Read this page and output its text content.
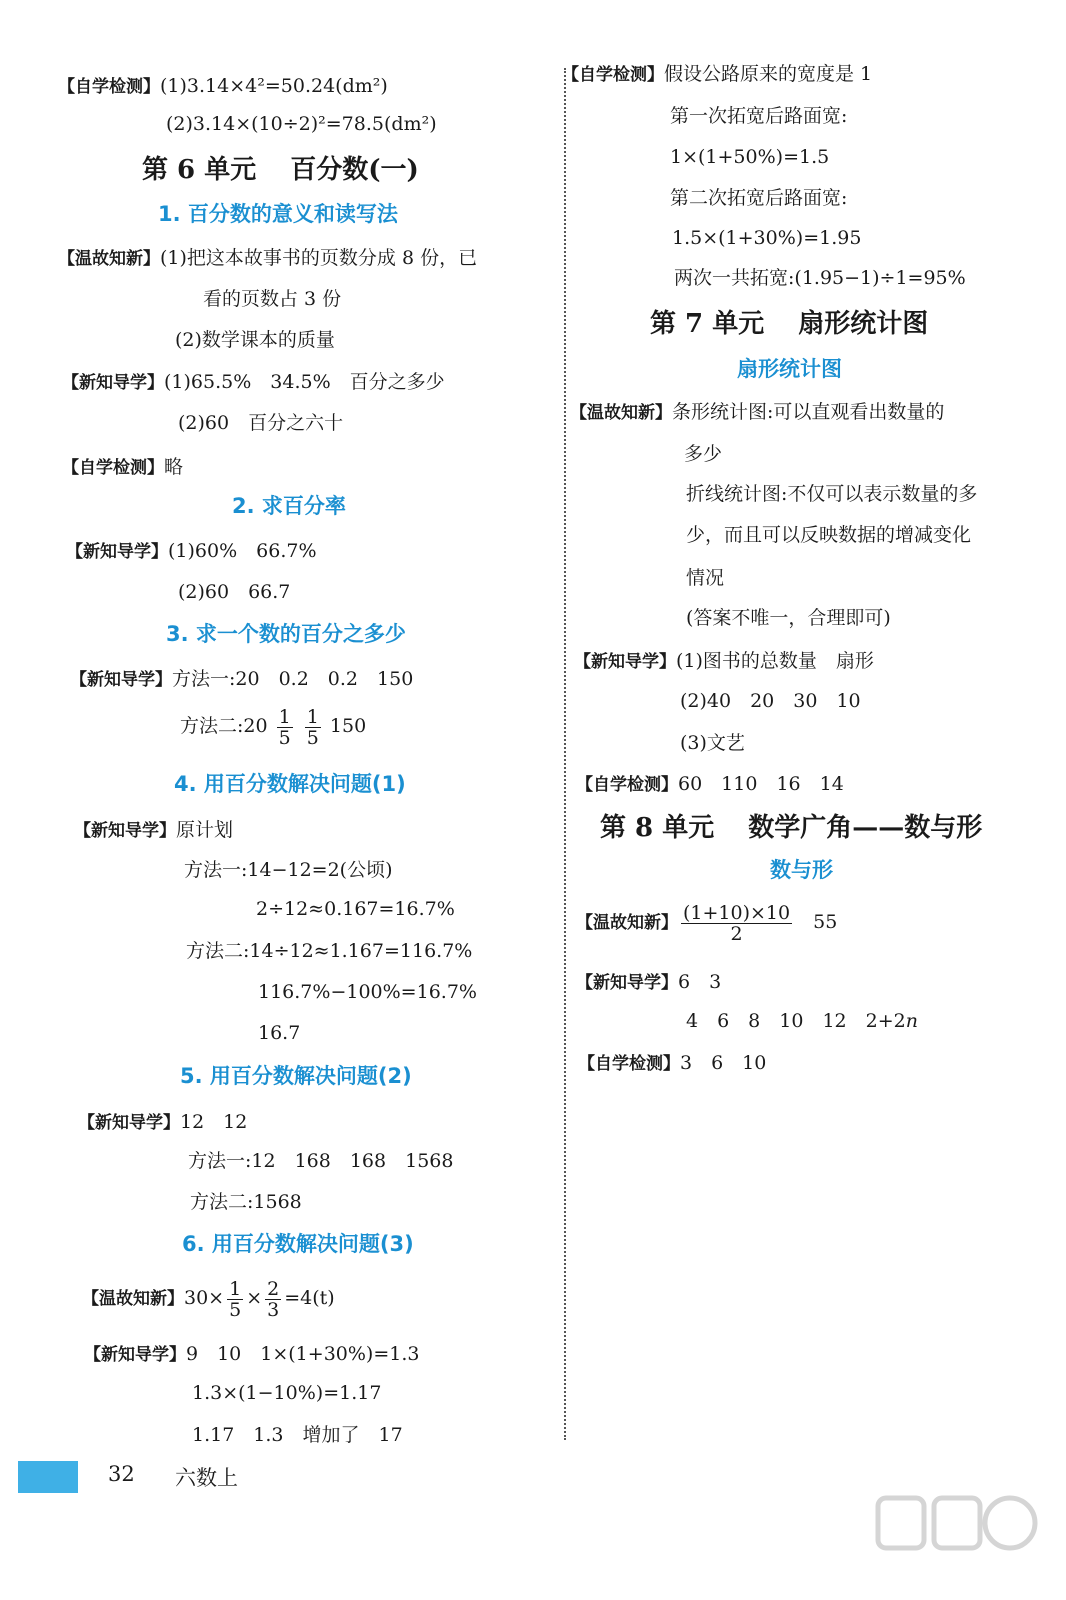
【自学检测】(1)3.14×4²=50.24(dm²)
(2)3.14×(10÷2)²=78.5(dm²)
第 6 单元 百分数(一)
1. 百分数的意义和读写法
【温故知新】(1)把这本故事书的页数分成 8 份，已
看的页数占 3 份
(2)数学课本的质量
【新知导学】(1)65.5%　34.5%　百分之多少
(2)60　百分之六十
【自学检测】略
2. 求百分率
【新知导学】(1)60%　66.7%
(2)60　66.7
3. 求一个数的百分之多少
【新知导学】方法一:20　0.2　0.2　150
方法二:20 $\frac{1}{5}$
$\frac{1}{5} 150$
4. 用百分数解决问题(1)
【新知导学】原计划
方法一:14−12=2(公顷)
2÷12≈0.167=16.7%
方法二:14÷12≈1.167=116.7%
116.7%−100%=16.7%
16.7
5. 用百分数解决问题(2)
【新知导学】12　12
方法一:12　168　168　1568
方法二:1568
6. 用百分数解决问题(3)
【温故知新】$30\times \frac{1}{5} \times \frac{2}{3} =4(t)$
【新知导学】9　10　1×(1+30%)=1.3
1.3×(1−10%)=1.17
1.17　1.3　增加了　17
【自学检测】假设公路原来的宽度是 1
第一次拓宽后路面宽:
1×(1+50%)=1.5
第二次拓宽后路面宽:
1.5×(1+30%)=1.95
两次一共拓宽:(1.95−1)÷1=95%
第 7 单元 扇形统计图
扇形统计图
【温故知新】条形统计图:可以直观看出数量的
多少
折线统计图:不仅可以表示数量的多
少，而且可以反映数据的增减变化
情况
(答案不唯一，合理即可)
【新知导学】(1)图书的总数量　扇形
(2)40　20　30　10
(3)文艺
【自学检测】60　110　16　14
第 8 单元 数学广角——数与形
数与形
【温故知新】 $\frac{(1+10)\times 10}{2} 55$
【新知导学】6　3
4　6　8　10　12　2+2n
【自学检测】3　6　10
32 六数上
